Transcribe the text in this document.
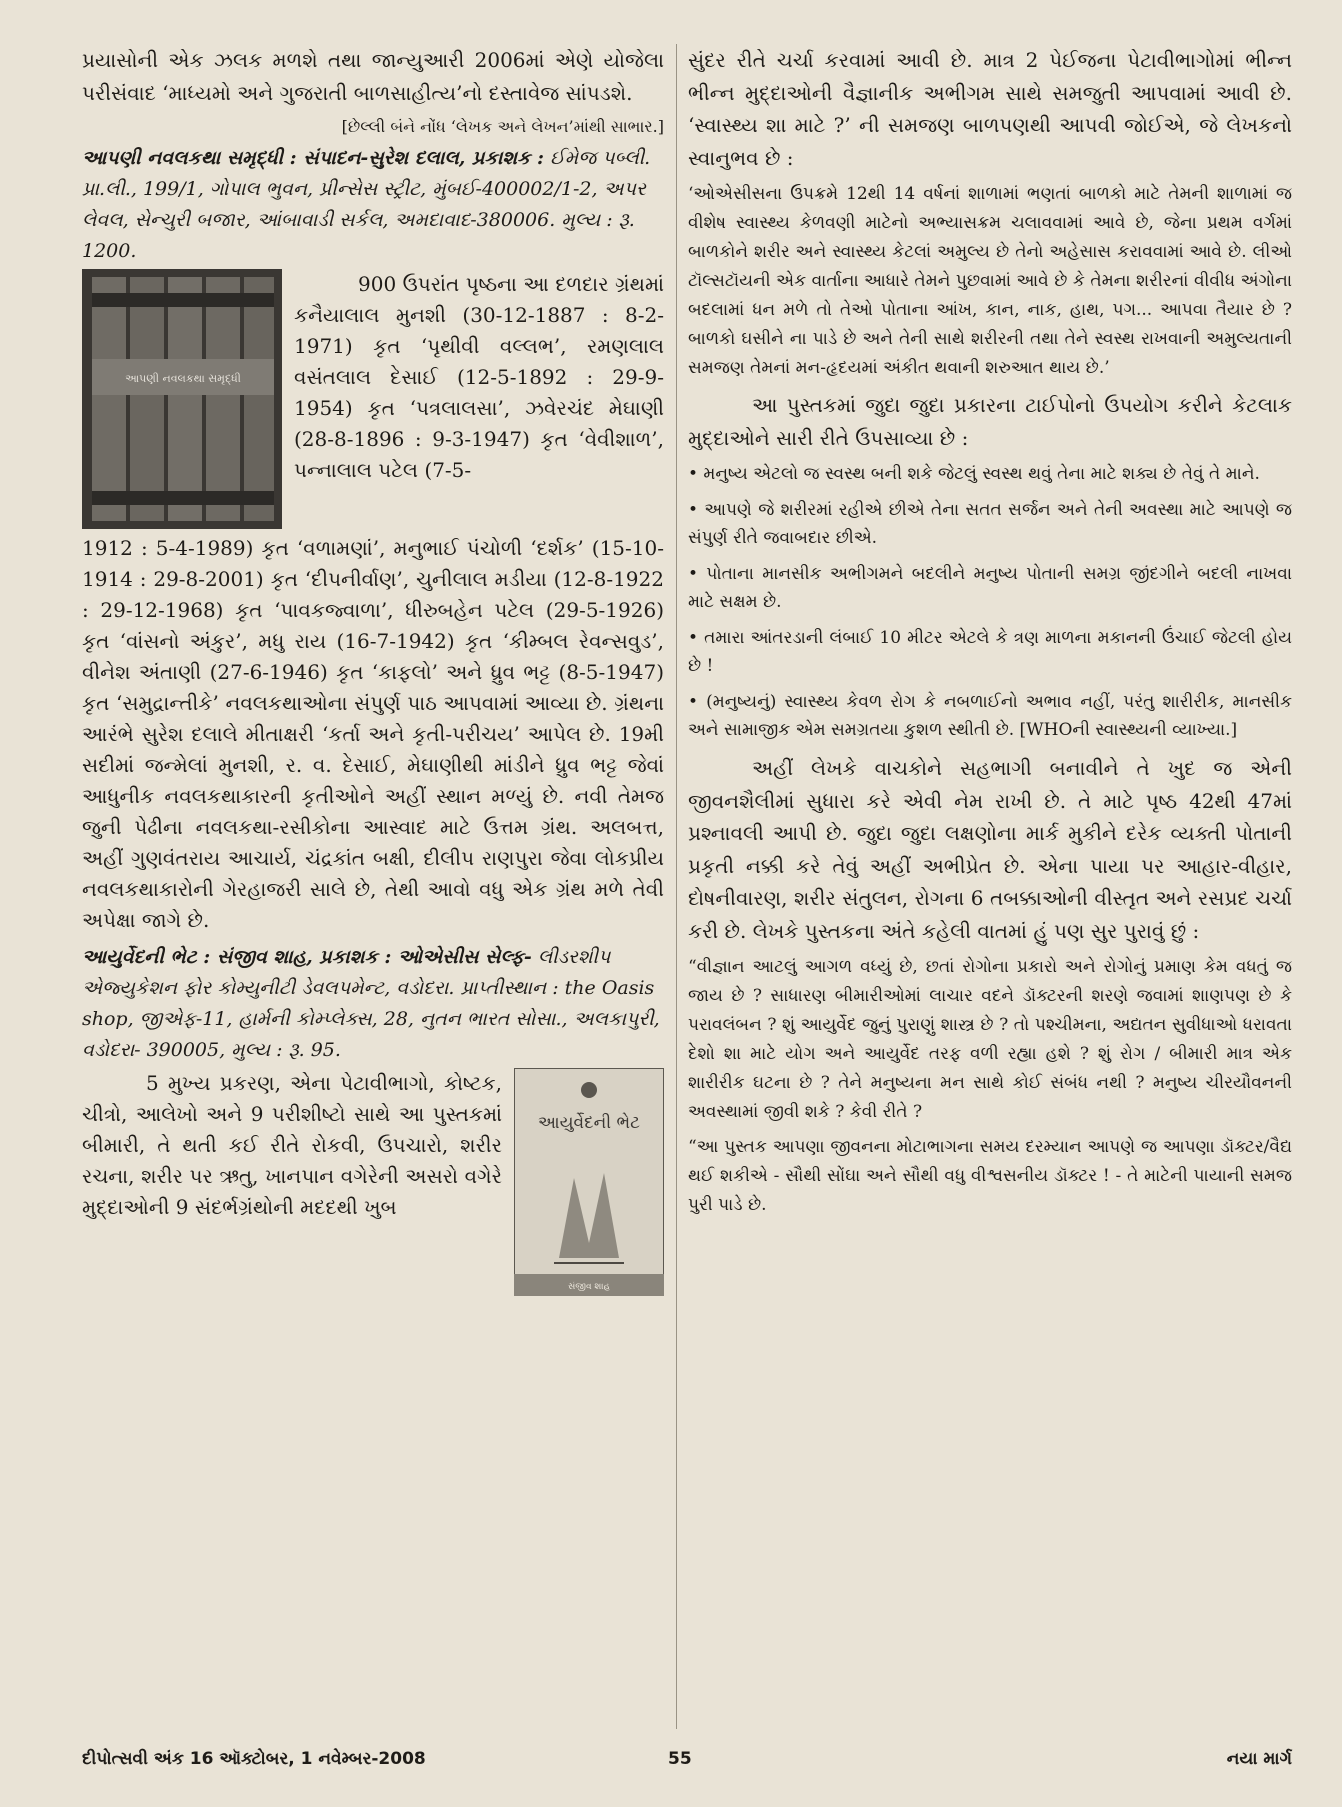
પ્રયાસોની એક ઝલક મળશે તથા જાન્યુઆરી 2006માં એણે યોજેલા પરીસંવાદ ‘માધ્યમો અને ગુજરાતી બાળસાહીત્ય’નો દસ્તાવેજ સાંપડશે.

[છેલ્લી બંને નોંધ ‘લેખક અને લેખન’માંથી સાભાર.]

આપણી નવલકથા સમૃદ્ધી : સંપાદન-સુરેશ દલાલ, પ્રકાશક : ઈમેજ પબ્લી. પ્રા.લી., 199/1, ગોપાલ ભુવન, પ્રીન્સેસ સ્ટ્રીટ, મુંબઈ-400002/1-2, અપર લેવલ, સેન્ચુરી બજાર, આંબાવાડી સર્કલ, અમદાવાદ-380006. મુલ્ય : રૂ. 1200.

આપણી નવલકથા સમૃદ્ધી

900 ઉપરાંત પૃષ્ઠના આ દળદાર ગ્રંથમાં કનૈયાલાલ મુનશી (30-12-1887 : 8-2- 1971) કૃત ‘પૃથીવી વલ્લભ’, રમણલાલ વસંતલાલ દેસાઈ (12-5-1892 : 29-9- 1954) કૃત ‘પત્રલાલસા’, ઝવેરચંદ મેઘાણી (28-8-1896 : 9-3-1947) કૃત ‘વેવીશાળ’, પન્નાલાલ પટેલ (7-5-

1912 : 5-4-1989) કૃત ‘વળામણાં’, મનુભાઈ પંચોળી ‘દર્શક’ (15-10-1914 : 29-8-2001) કૃત ‘દીપનીર્વાણ’, ચુનીલાલ મડીયા (12-8-1922 : 29-12-1968) કૃત ‘પાવકજ્વાળા’, ધીરુબહેન પટેલ (29-5-1926) કૃત ‘વાંસનો અંકુર’, મધુ રાય (16-7-1942) કૃત ‘કીમ્બલ રેવન્સવુડ’, વીનેશ અંતાણી (27-6-1946) કૃત ‘કાફલો’ અને ધ્રુવ ભટ્ટ (8-5-1947) કૃત ‘સમુદ્રાન્તીકે’ નવલકથાઓના સંપુર્ણ પાઠ આપવામાં આવ્યા છે. ગ્રંથના આરંભે સુરેશ દલાલે મીતાક્ષરી ‘કર્તા અને કૃતી-પરીચય’ આપેલ છે. 19મી સદીમાં જન્મેલાં મુનશી, ર. વ. દેસાઈ, મેઘાણીથી માંડીને ધ્રુવ ભટ્ટ જેવાં આધુનીક નવલકથાકારની કૃતીઓને અહીં સ્થાન મળ્યું છે. નવી તેમજ જુની પેઢીના નવલકથા-રસીકોના આસ્વાદ માટે ઉત્તમ ગ્રંથ. અલબત્ત, અહીં ગુણવંતરાય આચાર્ય, ચંદ્રકાંત બક્ષી, દીલીપ રાણપુરા જેવા લોકપ્રીય નવલકથાકારોની ગેરહાજરી સાલે છે, તેથી આવો વધુ એક ગ્રંથ મળે તેવી અપેક્ષા જાગે છે.

આયુર્વેદની ભેટ : સંજીવ શાહ, પ્રકાશક : ઓએસીસ સેલ્ફ- લીડરશીપ એજ્યુકેશન ફોર કોમ્યુનીટી ડેવલપમેન્ટ, વડોદરા. પ્રાપ્તીસ્થાન : the Oasis shop, જીએફ-11, હાર્મની કોમ્પ્લેક્સ, 28, નુતન ભારત સોસા., અલકાપુરી, વડોદરા- 390005, મુલ્ય : રૂ. 95.

આયુર્વેદની ભેટ
સંજીવ શાહ

5 મુખ્ય પ્રકરણ, એના પેટાવીભાગો, કોષ્ટક, ચીત્રો, આલેખો અને 9 પરીશીષ્ટો સાથે આ પુસ્તકમાં બીમારી, તે થતી કઈ રીતે રોકવી, ઉપચારો, શરીર રચના, શરીર પર ઋતુ, ખાનપાન વગેરેની અસરો વગેરે મુદ્દાઓની 9 સંદર્ભગ્રંથોની મદદથી ખુબ

સુંદર રીતે ચર્ચા કરવામાં આવી છે. માત્ર 2 પેઈજના પેટાવીભાગોમાં ભીન્ન ભીન્ન મુદ્દાઓની વૈજ્ઞાનીક અભીગમ સાથે સમજુતી આપવામાં આવી છે. ‘સ્વાસ્થ્ય શા માટે ?’ ની સમજણ બાળપણથી આપવી જોઈએ, જે લેખકનો સ્વાનુભવ છે :

‘ઓએસીસના ઉપક્રમે 12થી 14 વર્ષનાં શાળામાં ભણતાં બાળકો માટે તેમની શાળામાં જ વીશેષ સ્વાસ્થ્ય કેળવણી માટેનો અભ્યાસક્રમ ચલાવવામાં આવે છે, જેના પ્રથમ વર્ગમાં બાળકોને શરીર અને સ્વાસ્થ્ય કેટલાં અમુલ્ય છે તેનો અહેસાસ કરાવવામાં આવે છે. લીઓ ટૉલ્સટૉયની એક વાર્તાના આધારે તેમને પુછવામાં આવે છે કે તેમના શરીરનાં વીવીધ અંગોના બદલામાં ધન મળે તો તેઓ પોતાના આંખ, કાન, નાક, હાથ, પગ... આપવા તૈયાર છે ? બાળકો ઘસીને ના પાડે છે અને તેની સાથે શરીરની તથા તેને સ્વસ્થ રાખવાની અમુલ્યતાની સમજણ તેમનાં મન-હૃદયમાં અંકીત થવાની શરુઆત થાય છે.’

આ પુસ્તકમાં જુદા જુદા પ્રકારના ટાઈપોનો ઉપયોગ કરીને કેટલાક મુદ્દાઓને સારી રીતે ઉપસાવ્યા છે :

• મનુષ્ય એટલો જ સ્વસ્થ બની શકે જેટલું સ્વસ્થ થવું તેના માટે શક્ય છે તેવું તે માને.

• આપણે જે શરીરમાં રહીએ છીએ તેના સતત સર્જન અને તેની અવસ્થા માટે આપણે જ સંપુર્ણ રીતે જવાબદાર છીએ.

• પોતાના માનસીક અભીગમને બદલીને મનુષ્ય પોતાની સમગ્ર જીંદગીને બદલી નાખવા માટે સક્ષમ છે.

• તમારા આંતરડાની લંબાઈ 10 મીટર એટલે કે ત્રણ માળના મકાનની ઉંચાઈ જેટલી હોય છે !

• (મનુષ્યનું) સ્વાસ્થ્ય કેવળ રોગ કે નબળાઈનો અભાવ નહીં, પરંતુ શારીરીક, માનસીક અને સામાજીક એમ સમગ્રતયા કુશળ સ્થીતી છે. [WHOની સ્વાસ્થ્યની વ્યાખ્યા.]

અહીં લેખકે વાચકોને સહભાગી બનાવીને તે ખુદ જ એની જીવનશૈલીમાં સુધારા કરે એવી નેમ રાખી છે. તે માટે પૃષ્ઠ 42થી 47માં પ્રશ્નાવલી આપી છે. જુદા જુદા લક્ષણોના માર્ક મુકીને દરેક વ્યક્તી પોતાની પ્રકૃતી નક્કી કરે તેવું અહીં અભીપ્રેત છે. એના પાયા પર આહાર-વીહાર, દોષનીવારણ, શરીર સંતુલન, રોગના 6 તબક્કાઓની વીસ્તૃત અને રસપ્રદ ચર્ચા કરી છે. લેખકે પુસ્તકના અંતે કહેલી વાતમાં હું પણ સુર પુરાવું છું :

“વીજ્ઞાન આટલું આગળ વધ્યું છે, છતાં રોગોના પ્રકારો અને રોગોનું પ્રમાણ કેમ વધતું જ જાય છે ? સાધારણ બીમારીઓમાં લાચાર વદને ડૉક્ટરની શરણે જવામાં શાણપણ છે કે પરાવલંબન ? શું આયુર્વેદ જુનું પુરાણું શાસ્ત્ર છે ? તો પશ્ચીમના, અદ્યતન સુવીધાઓ ધરાવતા દેશો શા માટે યોગ અને આયુર્વેદ તરફ વળી રહ્યા હશે ? શું રોગ / બીમારી માત્ર એક શારીરીક ઘટના છે ? તેને મનુષ્યના મન સાથે કોઈ સંબંધ નથી ? મનુષ્ય ચીરયૌવનની અવસ્થામાં જીવી શકે ? કેવી રીતે ?

“આ પુસ્તક આપણા જીવનના મોટાભાગના સમય દરમ્યાન આપણે જ આપણા ડૉક્ટર/વૈદ્ય થઈ શકીએ - સૌથી સોંઘા અને સૌથી વધુ વીશ્વસનીય ડૉક્ટર ! - તે માટેની પાયાની સમજ પુરી પાડે છે.

દીપોત્સવી અંક 16 ઑક્ટોબર, 1 નવેમ્બર-2008	55	નયા માર્ગ
